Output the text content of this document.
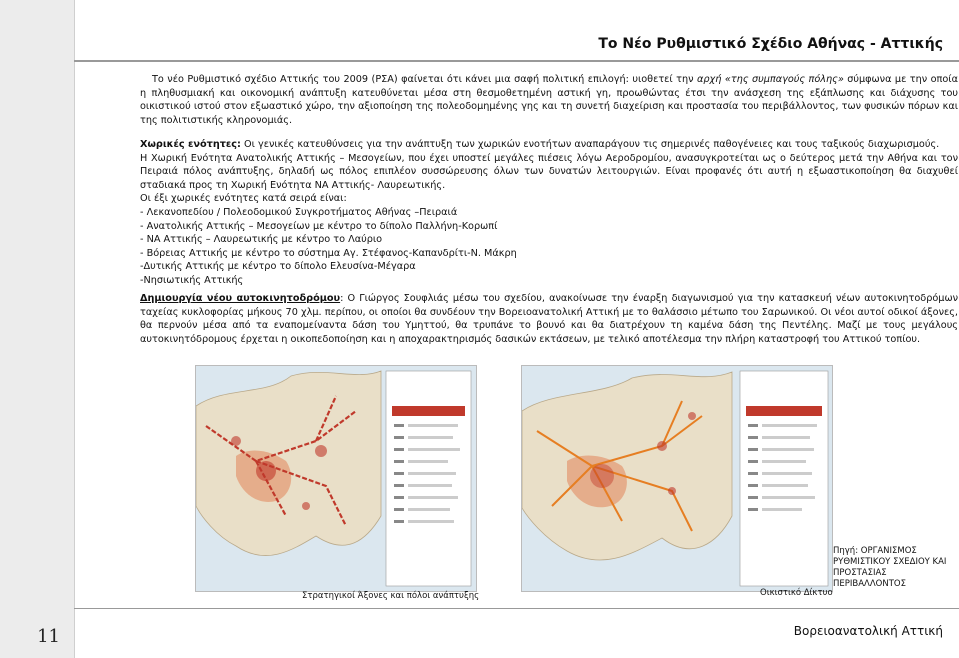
11
Το Νέο Ρυθμιστικό Σχέδιο Αθήνας - Αττικής
Το νέο Ρυθμιστικό σχέδιο Αττικής του 2009 (ΡΣΑ) φαίνεται ότι κάνει μια σαφή πολιτική επιλογή: υιοθετεί την αρχή «της συμπαγούς πόλης» σύμφωνα με την οποία η πληθυσμιακή και οικονομική ανάπτυξη κατευθύνεται μέσα στη θεσμοθετημένη αστική γη, προωθώντας έτσι την ανάσχεση της εξάπλωσης και διάχυσης του οικιστικού ιστού στον εξωαστικό χώρο, την αξιοποίηση της πολεοδομημένης γης και τη συνετή διαχείριση και προστασία του περιβάλλοντος, των φυσικών πόρων και της πολιτιστικής κληρονομιάς.

Χωρικές ενότητες: Οι γενικές κατευθύνσεις για την ανάπτυξη των χωρικών ενοτήτων αναπαράγουν τις σημερινές παθογένειες και τους ταξικούς διαχωρισμούς.

Η Χωρική Ενότητα Ανατολικής Αττικής – Μεσογείων, που έχει υποστεί μεγάλες πιέσεις λόγω Αεροδρομίου, ανασυγκροτείται ως ο δεύτερος μετά την Αθήνα και τον Πειραιά πόλος ανάπτυξης, δηλαδή ως πόλος επιπλέον συσσώρευσης όλων των δυνατών λειτουργιών. Είναι προφανές ότι αυτή η εξωαστικοποίηση θα διαχυθεί σταδιακά προς τη Χωρική Ενότητα ΝΑ Αττικής- Λαυρεωτικής.

Οι έξι χωρικές ενότητες κατά σειρά είναι:

- Λεκανοπεδίου / Πολεοδομικού Συγκροτήματος Αθήνας –Πειραιά

- Ανατολικής Αττικής – Μεσογείων με κέντρο το δίπολο Παλλήνη-Κορωπί

- ΝΑ Αττικής – Λαυρεωτικής με κέντρο το Λαύριο

- Βόρειας Αττικής με κέντρο το σύστημα Αγ. Στέφανος-Καπανδρίτι-Ν. Μάκρη

-Δυτικής Αττικής με κέντρο το δίπολο Ελευσίνα-Μέγαρα

-Νησιωτικής Αττικής

Δημιουργία νέου αυτοκινητοδρόμου: Ο Γιώργος Σουφλιάς μέσω του σχεδίου, ανακοίνωσε την έναρξη διαγωνισμού για την κατασκευή νέων αυτοκινητοδρόμων ταχείας κυκλοφορίας μήκους 70 χλμ. περίπου, οι οποίοι θα συνδέουν την Βορειοανατολική Αττική με το θαλάσσιο μέτωπο του Σαρωνικού. Οι νέοι αυτοί οδικοί άξονες, θα περνούν μέσα από τα εναπομείναντα δάση του Υμηττού, θα τρυπάνε το βουνό και θα διατρέχουν τη καμένα δάση της Πεντέλης. Μαζί με τους μεγάλους αυτοκινητόδρομους έρχεται η οικοπεδοποίηση και η αποχαρακτηρισμός δασικών εκτάσεων, με τελικό αποτέλεσμα την πλήρη καταστροφή του Αττικού τοπίου.

Στρατηγικοί Άξονες και πόλοι ανάπτυξης	Οικιστικό Δίκτυο
Πηγή: ΟΡΓΑΝΙΣΜΟΣ ΡΥΘΜΙΣΤΙΚΟΥ ΣΧΕΔΙΟΥ ΚΑΙ ΠΡΟΣΤΑΣΙΑΣ ΠΕΡΙΒΑΛΛΟΝΤΟΣ
Βορειοανατολική Αττική
